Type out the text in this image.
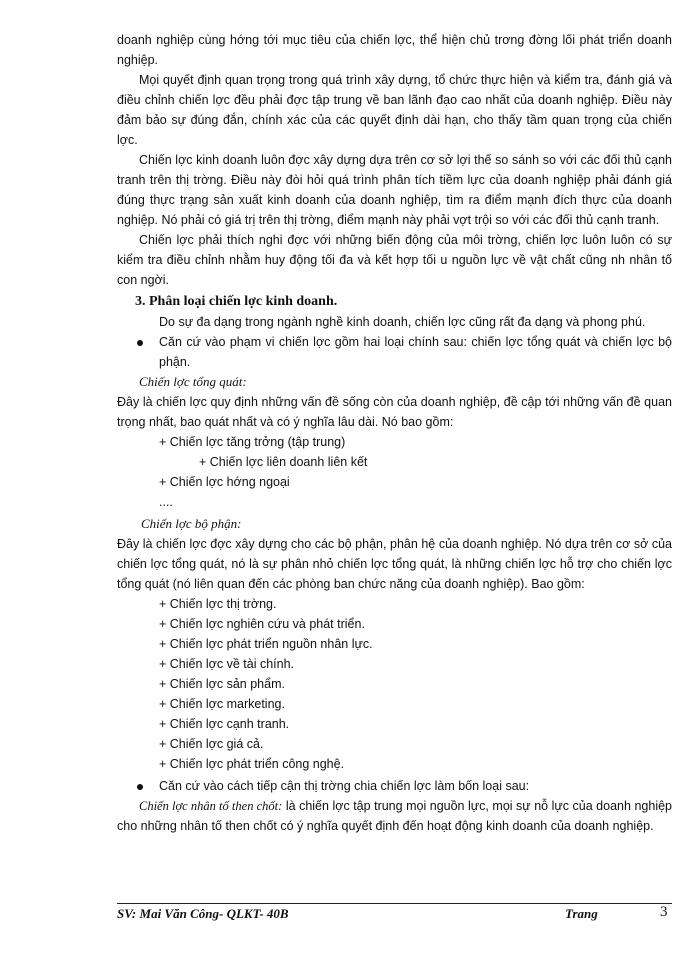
doanh nghiệp cùng hớng tới mục tiêu của chiến lợc, thể hiện chủ trơng đờng lối phát triển doanh nghiệp.

Mọi quyết định quan trọng trong quá trình xây dựng, tổ chức thực hiện và kiểm tra, đánh giá và điều chỉnh chiến lợc đều phải đợc tập trung về ban lãnh đạo cao nhất của doanh nghiệp. Điều này đảm bảo sự đúng đắn, chính xác của các quyết định dài hạn, cho thấy tầm quan trọng của chiến lợc.

Chiến lợc kinh doanh luôn đợc xây dựng dựa trên cơ sở lợi thế so sánh so với các đối thủ cạnh tranh trên thị trờng. Điều này đòi hỏi quá trình phân tích tiềm lực của doanh nghiệp phải đánh giá đúng thực trạng sản xuất kinh doanh của doanh nghiệp, tìm ra điểm mạnh đích thực của doanh nghiệp. Nó phải có giá trị trên thị trờng, điểm mạnh này phải vợt trội so với các đối thủ cạnh tranh.

Chiến lợc phải thích nghi đợc với những biến động của môi trờng, chiến lợc luôn luôn có sự kiểm tra điều chỉnh nhằm huy động tối đa và kết hợp tối u nguồn lực về vật chất cũng nh nhân tố con ngời.

3. Phân loại chiến lợc kinh doanh.

Do sự đa dạng trong ngành nghề kinh doanh, chiến lợc cũng rất đa dạng và phong phú.

Căn cứ vào phạm vi chiến lợc gồm hai loại chính sau: chiến lợc tổng quát và chiến lợc bộ phận.

Chiến lợc tổng quát:

Đây là chiến lợc quy định những vấn đề sống còn của doanh nghiệp, đề cập tới những vấn đề quan trọng nhất, bao quát nhất và có ý nghĩa lâu dài. Nó bao gồm:

+ Chiến lợc tăng trởng (tập trung)

+ Chiến lợc liên doanh liên kết

+ Chiến lợc hớng ngoại

....

Chiến lợc bộ phận:

Đây là chiến lợc đợc xây dựng cho các bộ phận, phân hệ của doanh nghiệp. Nó dựa trên cơ sở của chiến lợc tổng quát, nó là sự phân nhỏ chiến lợc tổng quát, là những chiến lợc hỗ trợ cho chiến lợc tổng quát (nó liên quan đến các phòng ban chức năng của doanh nghiệp). Bao gồm:

+ Chiến lợc thị trờng.

+ Chiến lợc nghiên cứu và phát triển.

+ Chiến lợc phát triển nguồn nhân lực.

+ Chiến lợc về tài chính.

+ Chiến lợc sản phẩm.

+ Chiến lợc marketing.

+ Chiến lợc cạnh tranh.

+ Chiến lợc giá cả.

+ Chiến lợc phát triển công nghệ.

Căn cứ vào cách tiếp cận thị trờng chia chiến lợc làm bốn loại sau:

Chiến lợc nhân tố then chốt: là chiến lợc tập trung mọi nguồn lực, mọi sự nỗ lực của doanh nghiệp cho những nhân tố then chốt có ý nghĩa quyết định đến hoạt động kinh doanh của doanh nghiệp.

SV: Mai Văn Công- QLKT- 40B	Trang	3
